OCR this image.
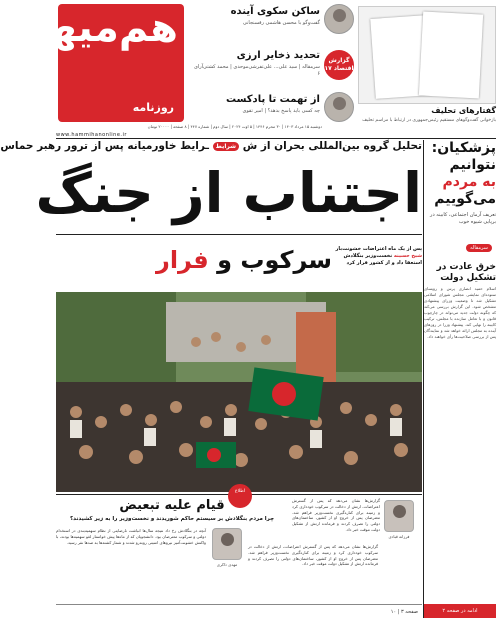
هم‌میهن
روزنامه
دوشنبه ۱۵ مرداد ۱۴۰۳ | ۳۰ محرم ۱۴۴۶ | ۵ اوت ۲۰۲۴ | سال دوم | شماره ۴۴۷ | ۸ صفحه | ۲۰۰۰۰ تومان
www.hammihanonline.ir
ساکن سکوی آینده
گفت‌وگو با محسن هاشمی رفسنجانی
گزارش اقتصاد ۱۷
تحدید ذخایر ارزی
سرمقاله | سید علی... علی‌تفرشی‌موحدی | محمد کشتی‌آرای ۶
از تهمت تا پادکست
چه کسی باید پاسخ بدهد؟ | امیر تقوی	گفتارهای تحلیف
بازخوانی گفت‌وگوهای مستقیم رئیس‌جمهوری در ارتباط با مراسم تحلیف
تحلیل گروه بین‌المللی بحران از ش شرایط ـرایط خاورمیانه پس از ترور رهبر حماس
اجتناب از جنگ
پزشکیان:
نتوانیم
به مردم
می‌گوییم
تعریف آرمان اجتماعی، کابینه در برپایی شیوه خوب
سرمقاله
خرق عادت در تشکیل دولت
اسلام حمید انصاری پرس و رویسای ستوده‌ای نمایشی مجلس شورای اسلامی تشکیل شد تا وضعیت وزرای پیشنهادی مشخص شود. این گزارش بررسی می‌کند که چگونه دولت جدید می‌تواند در چارچوب قانون و با تعامل سازنده با مجلس، ترکیب کابینه را نهایی کند. پیشنهاد وزرا در روزهای آینده به مجلس ارائه خواهد شد و نمایندگان پس از بررسی صلاحیت‌ها رأی خواهند داد.
ادامه در صفحه ۲
پس از یک ماه اعتراضات خشونت‌بار شیخ حسینه نخست‌وزیر بنگلادش استعفا داد و از کشور فرار کرد
سرکوب و فرار
قیام علیه تبعیض
چرا مردم بنگلادش بر سیستم حاکم شوریدند و نخست‌وزیر را به زیر کشیدند؟
اطلاع
مهدی ذاکری
فرزانه قبادی
آنچه در بنگلادش رخ داد نتیجه سال‌ها انباشت نارضایتی از نظام سهمیه‌بندی در استخدام دولتی و سرکوب معترضان بود. دانشجویان که از ماه‌ها پیش خواستار لغو سهمیه‌ها بودند، با واکنش خشونت‌آمیز نیروهای امنیتی روبه‌رو شدند و شمار کشته‌ها به صدها نفر رسید.
گزارش‌ها نشان می‌دهد که پس از گسترش اعتراضات، ارتش از دخالت در سرکوب خودداری کرد و زمینه برای کناره‌گیری نخست‌وزیر فراهم شد. معترضان پس از خروج او از کشور، ساختمان‌های دولتی را تصرف کردند و فرمانده ارتش از تشکیل دولت موقت خبر داد.
گزارش‌ها نشان می‌دهد که پس از گسترش اعتراضات، ارتش از دخالت در سرکوب خودداری کرد و زمینه برای کناره‌گیری نخست‌وزیر فراهم شد. معترضان پس از خروج او از کشور، ساختمان‌های دولتی را تصرف کردند و فرمانده ارتش از تشکیل دولت موقت خبر داد.
صفحه ۳ | ۱۰
